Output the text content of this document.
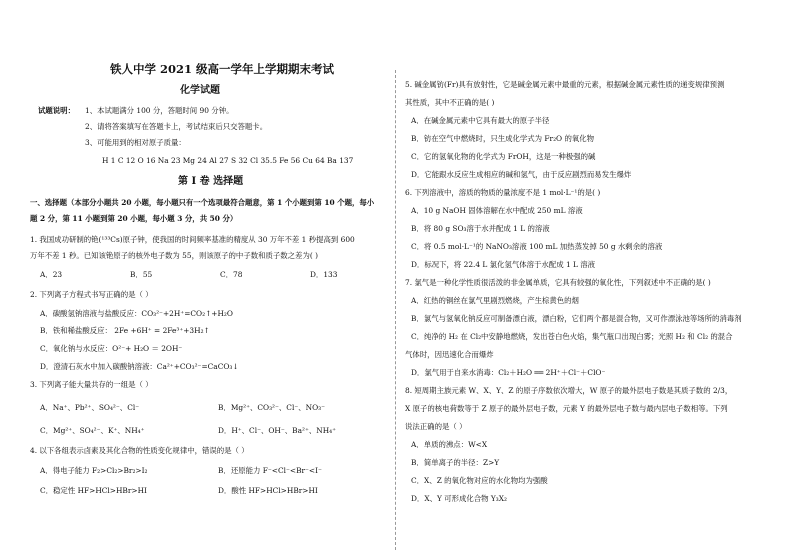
铁人中学 2021 级高一学年上学期期末考试
化学试题
试题说明： 1、本试题满分 100 分，答题时间 90 分钟。
2、请将答案填写在答题卡上，考试结束后只交答题卡。
3、可能用到的相对原子质量：
H 1 C 12 O 16 Na 23 Mg 24 Al 27 S 32 Cl 35.5 Fe 56 Cu 64 Ba 137
第 I 卷 选择题
一、选择题（本部分小题共 20 小题，每小题只有一个选项最符合题意，第 1 个小题到第 10 个题，每小
题 2 分，第 11 小题到第 20 小题，每小题 3 分，共 50 分）
1. 我国成功研制的铯(¹³³Cs)原子钟，使我国的时间频率基准的精度从 30 万年不差 1 秒提高到 600
万年不差 1 秒。已知该铯原子的核外电子数为 55，则该原子的中子数和质子数之差为( )
A．23	B．55	C．78	D．133
2. 下列离子方程式书写正确的是（ ）
A．碳酸氢钠溶液与盐酸反应：CO₃²⁻+2H⁺=CO₂↑+H₂O
B．铁和稀盐酸反应： 2Fe +6H⁺ = 2Fe³⁺+3H₂↑
C．氧化钠与水反应：O²⁻+ H₂O ＝ 2OH⁻
D．澄清石灰水中加入碳酸钠溶液：Ca²⁺+CO₃²⁻=CaCO₃↓
3. 下列离子能大量共存的一组是（ ）
A．Na⁺、Pb²⁺、SO₄²⁻、Cl⁻	B．Mg²⁺、CO₃²⁻、Cl⁻、NO₃⁻
C．Mg²⁺、SO₄²⁻、K⁺、NH₄⁺	D．H⁺、Cl⁻、OH⁻、Ba²⁺、NH₄⁺
4. 以下各组表示卤素及其化合物的性质变化规律中，错误的是（ ）
A．得电子能力 F₂>Cl₂>Br₂>I₂	B．还原能力 F⁻<Cl⁻<Br⁻<I⁻
C．稳定性 HF>HCl>HBr>HI	D．酸性 HF>HCl>HBr>HI
5. 碱金属钫(Fr)具有放射性，它是碱金属元素中最重的元素，根据碱金属元素性质的递变规律预测
其性质，其中不正确的是( )
A．在碱金属元素中它具有最大的原子半径
B．钫在空气中燃烧时，只生成化学式为 Fr₂O 的氧化物
C．它的氢氧化物的化学式为 FrOH，这是一种极强的碱
D．它能跟水反应生成相应的碱和氢气，由于反应剧烈而易发生爆炸
6. 下列溶液中，溶质的物质的量浓度不是 1 mol·L⁻¹的是( )
A．10 g NaOH 固体溶解在水中配成 250 mL 溶液
B．将 80 g SO₃溶于水并配成 1 L 的溶液
C．将 0.5 mol·L⁻¹的 NaNO₃溶液 100 mL 加热蒸发掉 50 g 水剩余的溶液
D．标况下，将 22.4 L 氯化氢气体溶于水配成 1 L 溶液
7. 氯气是一种化学性质很活泼的非金属单质，它具有较强的氧化性，下列叙述中不正确的是( )
A．红热的铜丝在氯气里剧烈燃烧，产生棕黄色的烟
B．氯气与氢氧化钠反应可制备漂白液，漂白粉，它们两个都是混合物，又可作漂泳池等场所的消毒剂
C．纯净的 H₂ 在 Cl₂中安静地燃烧，发出苍白色火焰，集气瓶口出现白雾；光照 H₂ 和 Cl₂ 的混合
气体时，因迅速化合而爆炸
D．氯气用于自来水消毒：Cl₂＋H₂O ══ 2H⁺＋Cl⁻＋ClO⁻
8. 短周期主族元素 W、X、Y、Z 的原子序数依次增大，W 原子的最外层电子数是其质子数的 2/3，
X 原子的核电荷数等于 Z 原子的最外层电子数，元素 Y 的最外层电子数与最内层电子数相等。下列
说法正确的是（ ）
A．单质的沸点：W<X
B．简单离子的半径：Z>Y
C．X、Z 的氧化物对应的水化物均为强酸
D．X、Y 可形成化合物 Y₃X₂
